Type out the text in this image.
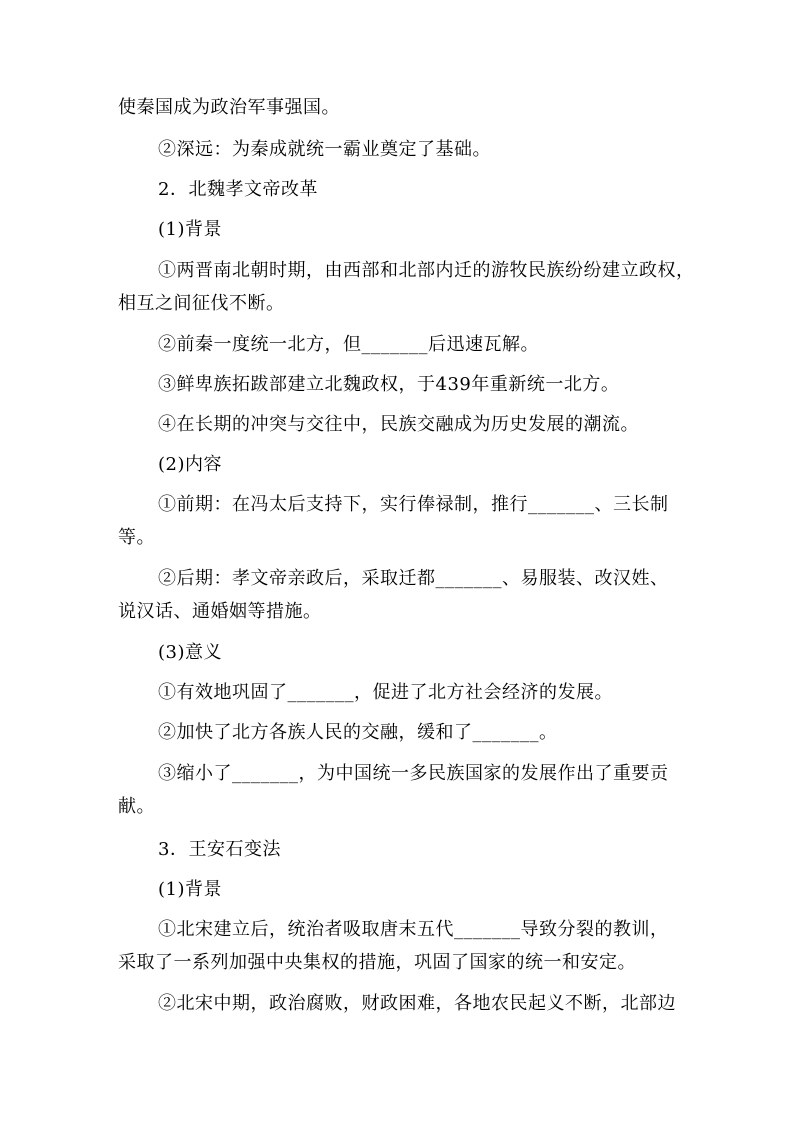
使秦国成为政治军事强国。
②深远：为秦成就统一霸业奠定了基础。
2．北魏孝文帝改革
(1)背景
①两晋南北朝时期，由西部和北部内迁的游牧民族纷纷建立政权，
相互之间征伐不断。
②前秦一度统一北方，但_______后迅速瓦解。
③鲜卑族拓跋部建立北魏政权，于439年重新统一北方。
④在长期的冲突与交往中，民族交融成为历史发展的潮流。
(2)内容
①前期：在冯太后支持下，实行俸禄制，推行_______、三长制
等。
②后期：孝文帝亲政后，采取迁都_______、易服装、改汉姓、
说汉话、通婚姻等措施。
(3)意义
①有效地巩固了_______，促进了北方社会经济的发展。
②加快了北方各族人民的交融，缓和了_______。
③缩小了_______，为中国统一多民族国家的发展作出了重要贡
献。
3．王安石变法
(1)背景
①北宋建立后，统治者吸取唐末五代_______导致分裂的教训，
采取了一系列加强中央集权的措施，巩固了国家的统一和安定。
②北宋中期，政治腐败，财政困难，各地农民起义不断，北部边
